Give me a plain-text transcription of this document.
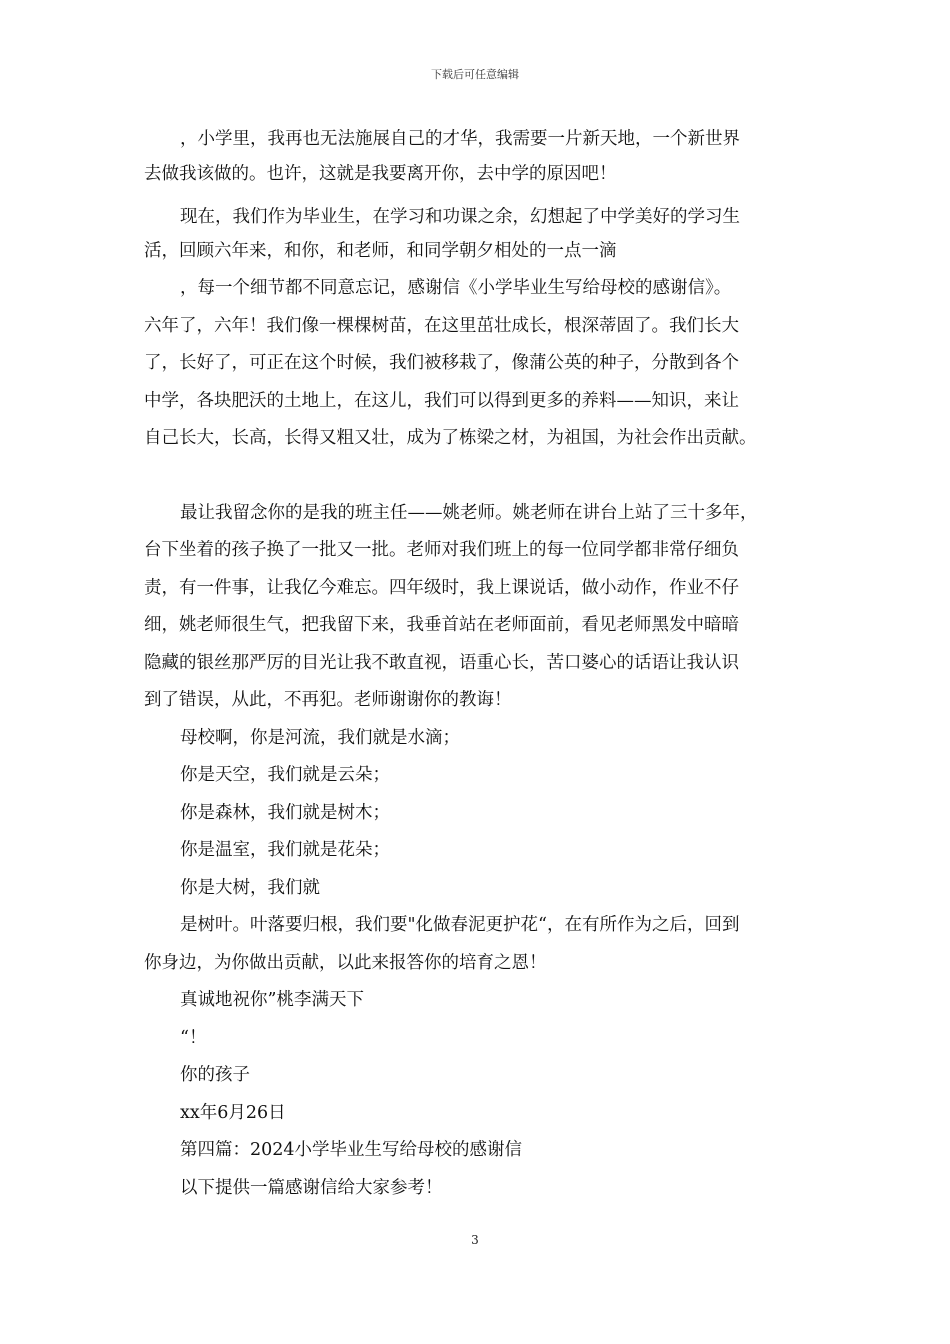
下载后可任意编辑
，小学里，我再也无法施展自己的才华，我需要一片新天地，一个新世界
去做我该做的。也许，这就是我要离开你，去中学的原因吧！
现在，我们作为毕业生，在学习和功课之余，幻想起了中学美好的学习生
活，回顾六年来，和你，和老师，和同学朝夕相处的一点一滴
，每一个细节都不同意忘记，感谢信《小学毕业生写给母校的感谢信》。
六年了，六年！我们像一棵棵树苗，在这里茁壮成长，根深蒂固了。我们长大
了，长好了，可正在这个时候，我们被移栽了，像蒲公英的种子，分散到各个
中学，各块肥沃的土地上，在这儿，我们可以得到更多的养料——知识，来让
自己长大，长高，长得又粗又壮，成为了栋梁之材，为祖国，为社会作出贡献。
最让我留念你的是我的班主任——姚老师。姚老师在讲台上站了三十多年，
台下坐着的孩子换了一批又一批。老师对我们班上的每一位同学都非常仔细负
责，有一件事，让我亿今难忘。四年级时，我上课说话，做小动作，作业不仔
细，姚老师很生气，把我留下来，我垂首站在老师面前，看见老师黑发中暗暗
隐藏的银丝那严厉的目光让我不敢直视，语重心长，苦口婆心的话语让我认识
到了错误，从此，不再犯。老师谢谢你的教诲！
母校啊，你是河流，我们就是水滴；
你是天空，我们就是云朵；
你是森林，我们就是树木；
你是温室，我们就是花朵；
你是大树，我们就
是树叶。叶落要归根，我们要"化做春泥更护花“，在有所作为之后，回到
你身边，为你做出贡献，以此来报答你的培育之恩！
真诚地祝你”桃李满天下
“！
你的孩子
xx年6月26日
第四篇：2024小学毕业生写给母校的感谢信
以下提供一篇感谢信给大家参考！
3
